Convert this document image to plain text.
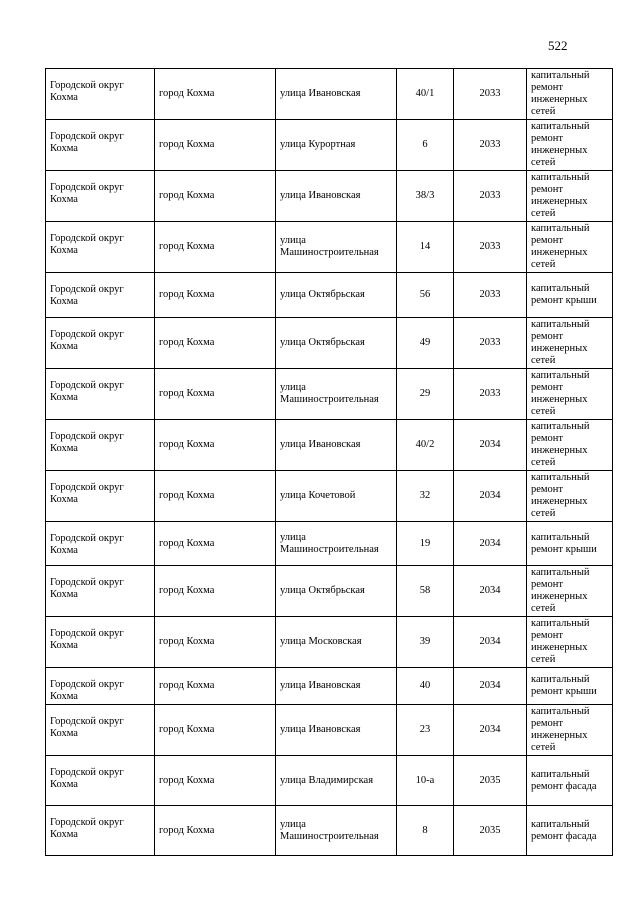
522
Городской округ Кохма	город Кохма	улица Ивановская	40/1	2033	капитальный ремонт инженерных сетей
Городской округ Кохма	город Кохма	улица Курортная	6	2033	капитальный ремонт инженерных сетей
Городской округ Кохма	город Кохма	улица Ивановская	38/3	2033	капитальный ремонт инженерных сетей
Городской округ Кохма	город Кохма	улица Машиностроительная	14	2033	капитальный ремонт инженерных сетей
Городской округ Кохма	город Кохма	улица Октябрьская	56	2033	капитальный ремонт крыши
Городской округ Кохма	город Кохма	улица Октябрьская	49	2033	капитальный ремонт инженерных сетей
Городской округ Кохма	город Кохма	улица Машиностроительная	29	2033	капитальный ремонт инженерных сетей
Городской округ Кохма	город Кохма	улица Ивановская	40/2	2034	капитальный ремонт инженерных сетей
Городской округ Кохма	город Кохма	улица Кочетовой	32	2034	капитальный ремонт инженерных сетей
Городской округ Кохма	город Кохма	улица Машиностроительная	19	2034	капитальный ремонт крыши
Городской округ Кохма	город Кохма	улица Октябрьская	58	2034	капитальный ремонт инженерных сетей
Городской округ Кохма	город Кохма	улица Московская	39	2034	капитальный ремонт инженерных сетей
Городской округ Кохма	город Кохма	улица Ивановская	40	2034	капитальный ремонт крыши
Городской округ Кохма	город Кохма	улица Ивановская	23	2034	капитальный ремонт инженерных сетей
Городской округ Кохма	город Кохма	улица Владимирская	10-а	2035	капитальный ремонт фасада
Городской округ Кохма	город Кохма	улица Машиностроительная	8	2035	капитальный ремонт фасада
